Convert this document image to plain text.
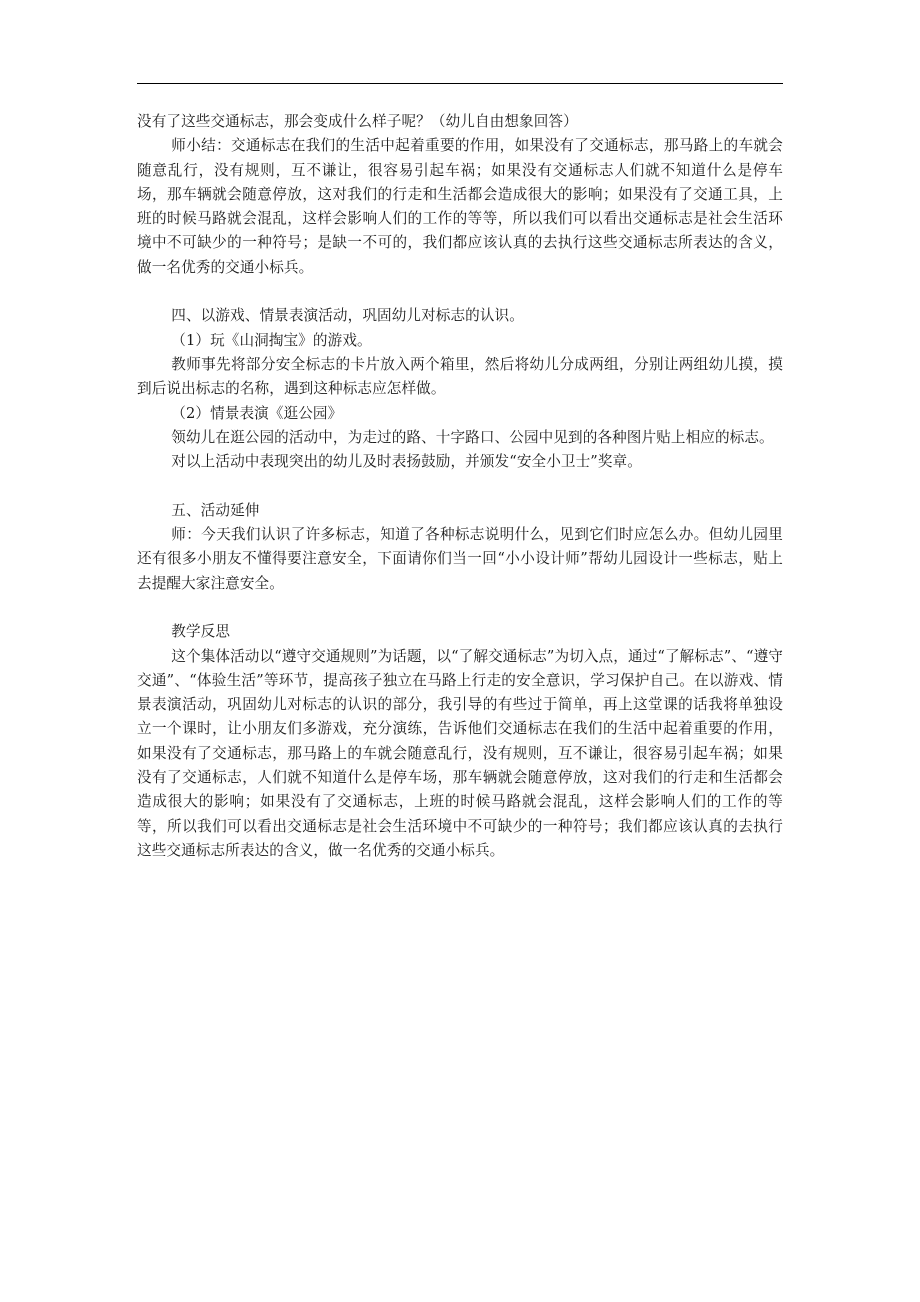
没有了这些交通标志，那会变成什么样子呢？（幼儿自由想象回答）

师小结：交通标志在我们的生活中起着重要的作用，如果没有了交通标志，那马路上的车就会随意乱行，没有规则，互不谦让，很容易引起车祸；如果没有交通标志人们就不知道什么是停车场，那车辆就会随意停放，这对我们的行走和生活都会造成很大的影响；如果没有了交通工具，上班的时候马路就会混乱，这样会影响人们的工作的等等，所以我们可以看出交通标志是社会生活环境中不可缺少的一种符号；是缺一不可的，我们都应该认真的去执行这些交通标志所表达的含义，做一名优秀的交通小标兵。

四、以游戏、情景表演活动，巩固幼儿对标志的认识。

（1）玩《山洞掏宝》的游戏。

教师事先将部分安全标志的卡片放入两个箱里，然后将幼儿分成两组，分别让两组幼儿摸，摸到后说出标志的名称，遇到这种标志应怎样做。

（2）情景表演《逛公园》

领幼儿在逛公园的活动中，为走过的路、十字路口、公园中见到的各种图片贴上相应的标志。

对以上活动中表现突出的幼儿及时表扬鼓励，并颁发“安全小卫士”奖章。

五、活动延伸

师：今天我们认识了许多标志，知道了各种标志说明什么，见到它们时应怎么办。但幼儿园里还有很多小朋友不懂得要注意安全，下面请你们当一回“小小设计师”帮幼儿园设计一些标志，贴上去提醒大家注意安全。

教学反思

这个集体活动以“遵守交通规则”为话题，以“了解交通标志”为切入点，通过“了解标志”、“遵守交通”、“体验生活”等环节，提高孩子独立在马路上行走的安全意识，学习保护自己。在以游戏、情景表演活动，巩固幼儿对标志的认识的部分，我引导的有些过于简单，再上这堂课的话我将单独设立一个课时，让小朋友们多游戏，充分演练，告诉他们交通标志在我们的生活中起着重要的作用，如果没有了交通标志，那马路上的车就会随意乱行，没有规则，互不谦让，很容易引起车祸；如果没有了交通标志，人们就不知道什么是停车场，那车辆就会随意停放，这对我们的行走和生活都会造成很大的影响；如果没有了交通标志，上班的时候马路就会混乱，这样会影响人们的工作的等等，所以我们可以看出交通标志是社会生活环境中不可缺少的一种符号；我们都应该认真的去执行这些交通标志所表达的含义，做一名优秀的交通小标兵。
